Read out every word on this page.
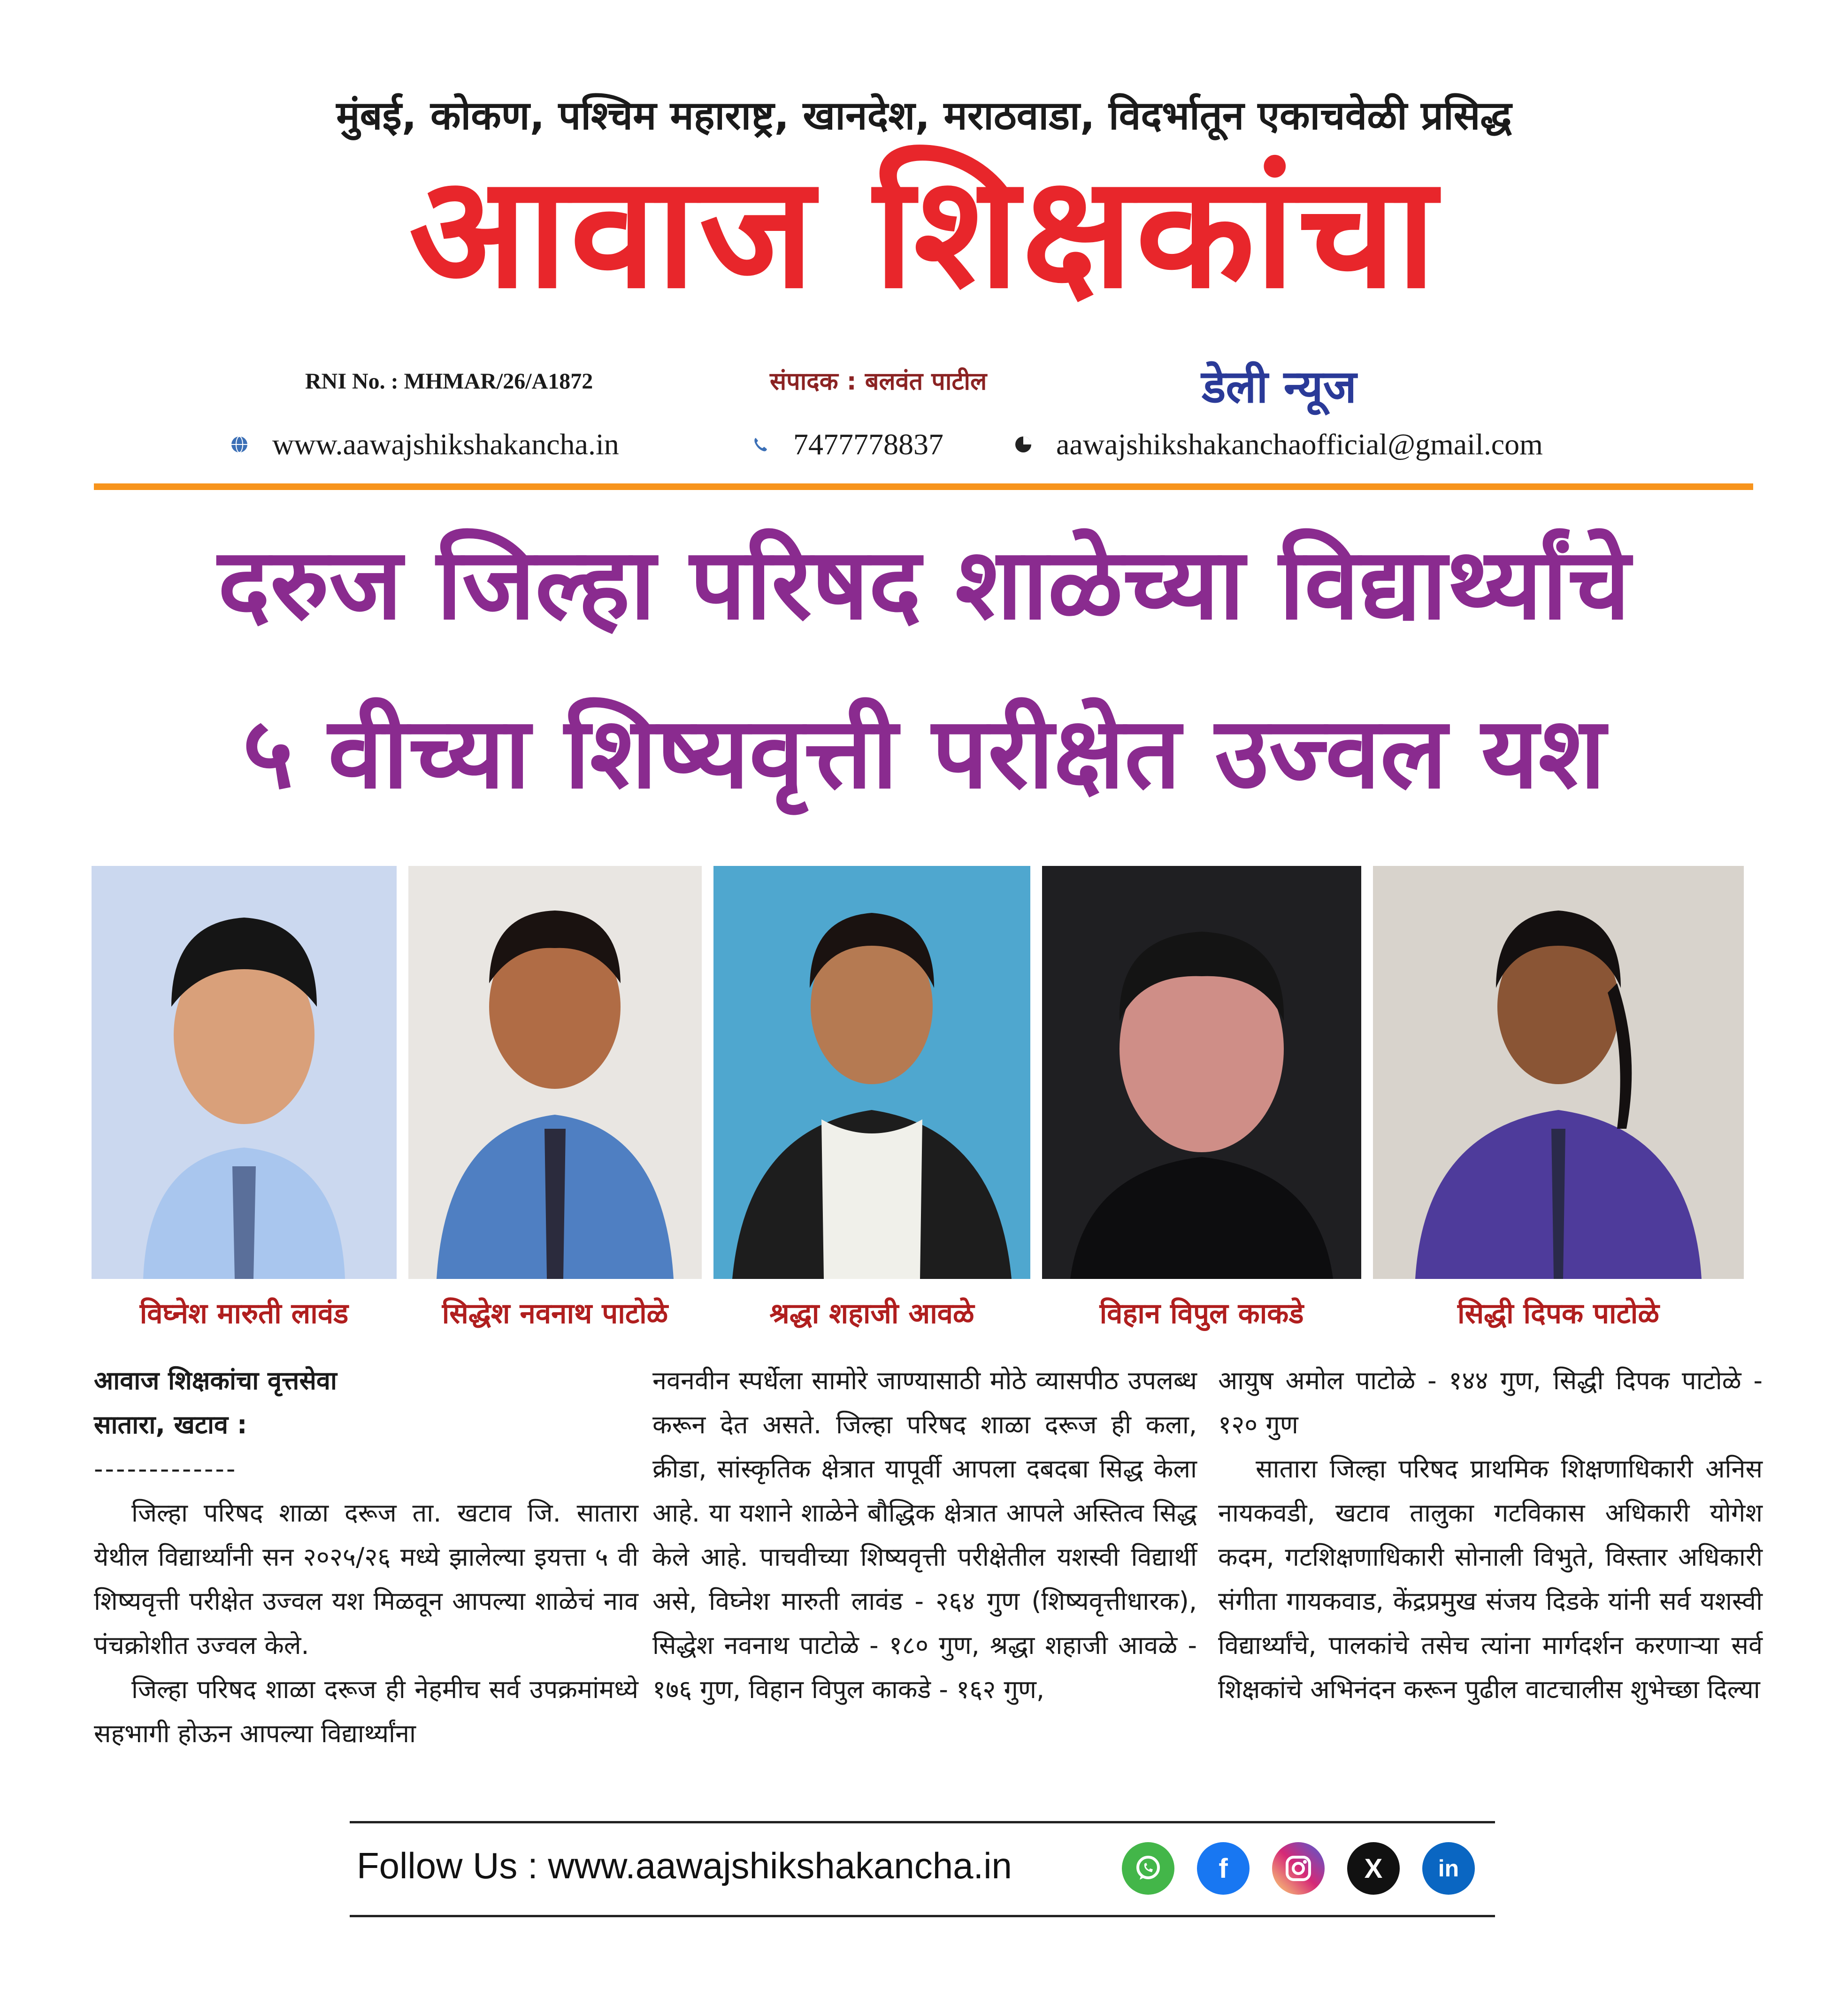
मुंबई, कोकण, पश्चिम महाराष्ट्र, खानदेश, मराठवाडा, विदर्भातून एकाचवेळी प्रसिद्ध
आवाज शिक्षकांचा
RNI No. : MHMAR/26/A1872	संपादक : बलवंत पाटील	डेली न्यूज
www.aawajshikshakancha.in	7477778837	aawajshikshakanchaofficial@gmail.com
दरुज जिल्हा परिषद शाळेच्या विद्यार्थ्यांचे
५ वीच्या शिष्यवृत्ती परीक्षेत उज्वल यश
विघ्नेश मारुती लावंड	सिद्धेश नवनाथ पाटोळे	श्रद्धा शहाजी आवळे	विहान विपुल काकडे	सिद्धी दिपक पाटोळे

आवाज शिक्षकांचा वृत्तसेवा

सातारा, खटाव :

-------------

जिल्हा परिषद शाळा दरूज ता. खटाव जि. सातारा येथील विद्यार्थ्यांनी सन २०२५/२६ मध्ये झालेल्या इयत्ता ५ वी शिष्यवृत्ती परीक्षेत उज्वल यश मिळवून आपल्या शाळेचं नाव पंचक्रोशीत उज्वल केले.

जिल्हा परिषद शाळा दरूज ही नेहमीच सर्व उपक्रमांमध्ये सहभागी होऊन आपल्या विद्यार्थ्यांना

नवनवीन स्पर्धेला सामोरे जाण्यासाठी मोठे व्यासपीठ उपलब्ध करून देत असते. जिल्हा परिषद शाळा दरूज ही कला, क्रीडा, सांस्कृतिक क्षेत्रात यापूर्वी आपला दबदबा सिद्ध केला आहे. या यशाने शाळेने बौद्धिक क्षेत्रात आपले अस्तित्व सिद्ध केले आहे. पाचवीच्या शिष्यवृत्ती परीक्षेतील यशस्वी विद्यार्थी असे, विघ्नेश मारुती लावंड - २६४ गुण (शिष्यवृत्तीधारक), सिद्धेश नवनाथ पाटोळे - १८० गुण, श्रद्धा शहाजी आवळे - १७६ गुण, विहान विपुल काकडे - १६२ गुण,

आयुष अमोल पाटोळे - १४४ गुण, सिद्धी दिपक पाटोळे - १२० गुण

सातारा जिल्हा परिषद प्राथमिक शिक्षणाधिकारी अनिस नायकवडी, खटाव तालुका गटविकास अधिकारी योगेश कदम, गटशिक्षणाधिकारी सोनाली विभुते, विस्तार अधिकारी संगीता गायकवाड, केंद्रप्रमुख संजय दिडके यांनी सर्व यशस्वी विद्यार्थ्यांचे, पालकांचे तसेच त्यांना मार्गदर्शन करणाऱ्या सर्व शिक्षकांचे अभिनंदन करून पुढील वाटचालीस शुभेच्छा दिल्या

Follow Us : www.aawajshikshakancha.in	f	X in
